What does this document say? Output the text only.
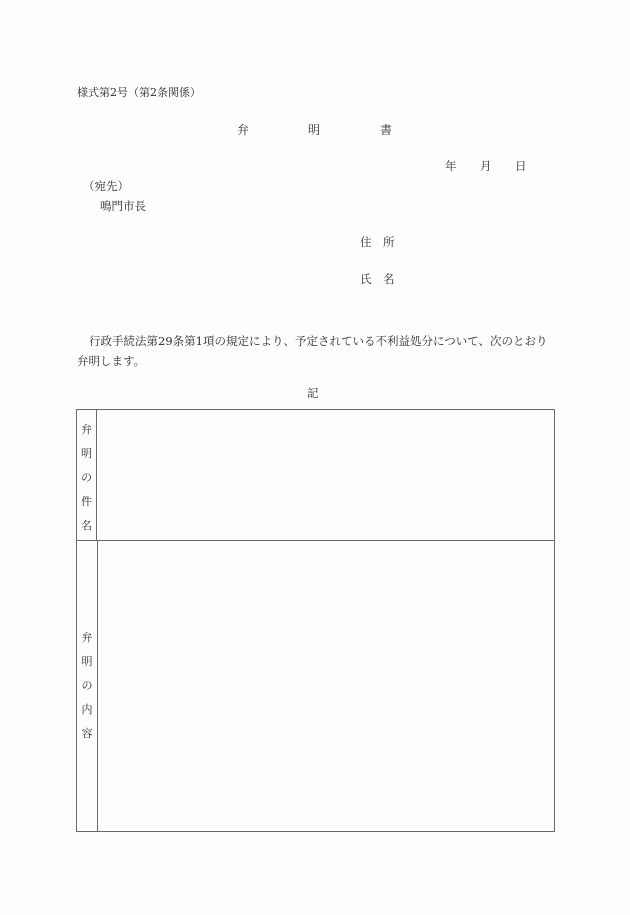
様式第2号（第2条関係）
弁	明	書
年 月 日
（宛先）
鳴門市長
住　所
氏　名
行政手続法第29条第1項の規定により、予定されている不利益処分について、次のとおり
弁明します。
記
弁
明
の
件
名
弁
明
の
内
容
